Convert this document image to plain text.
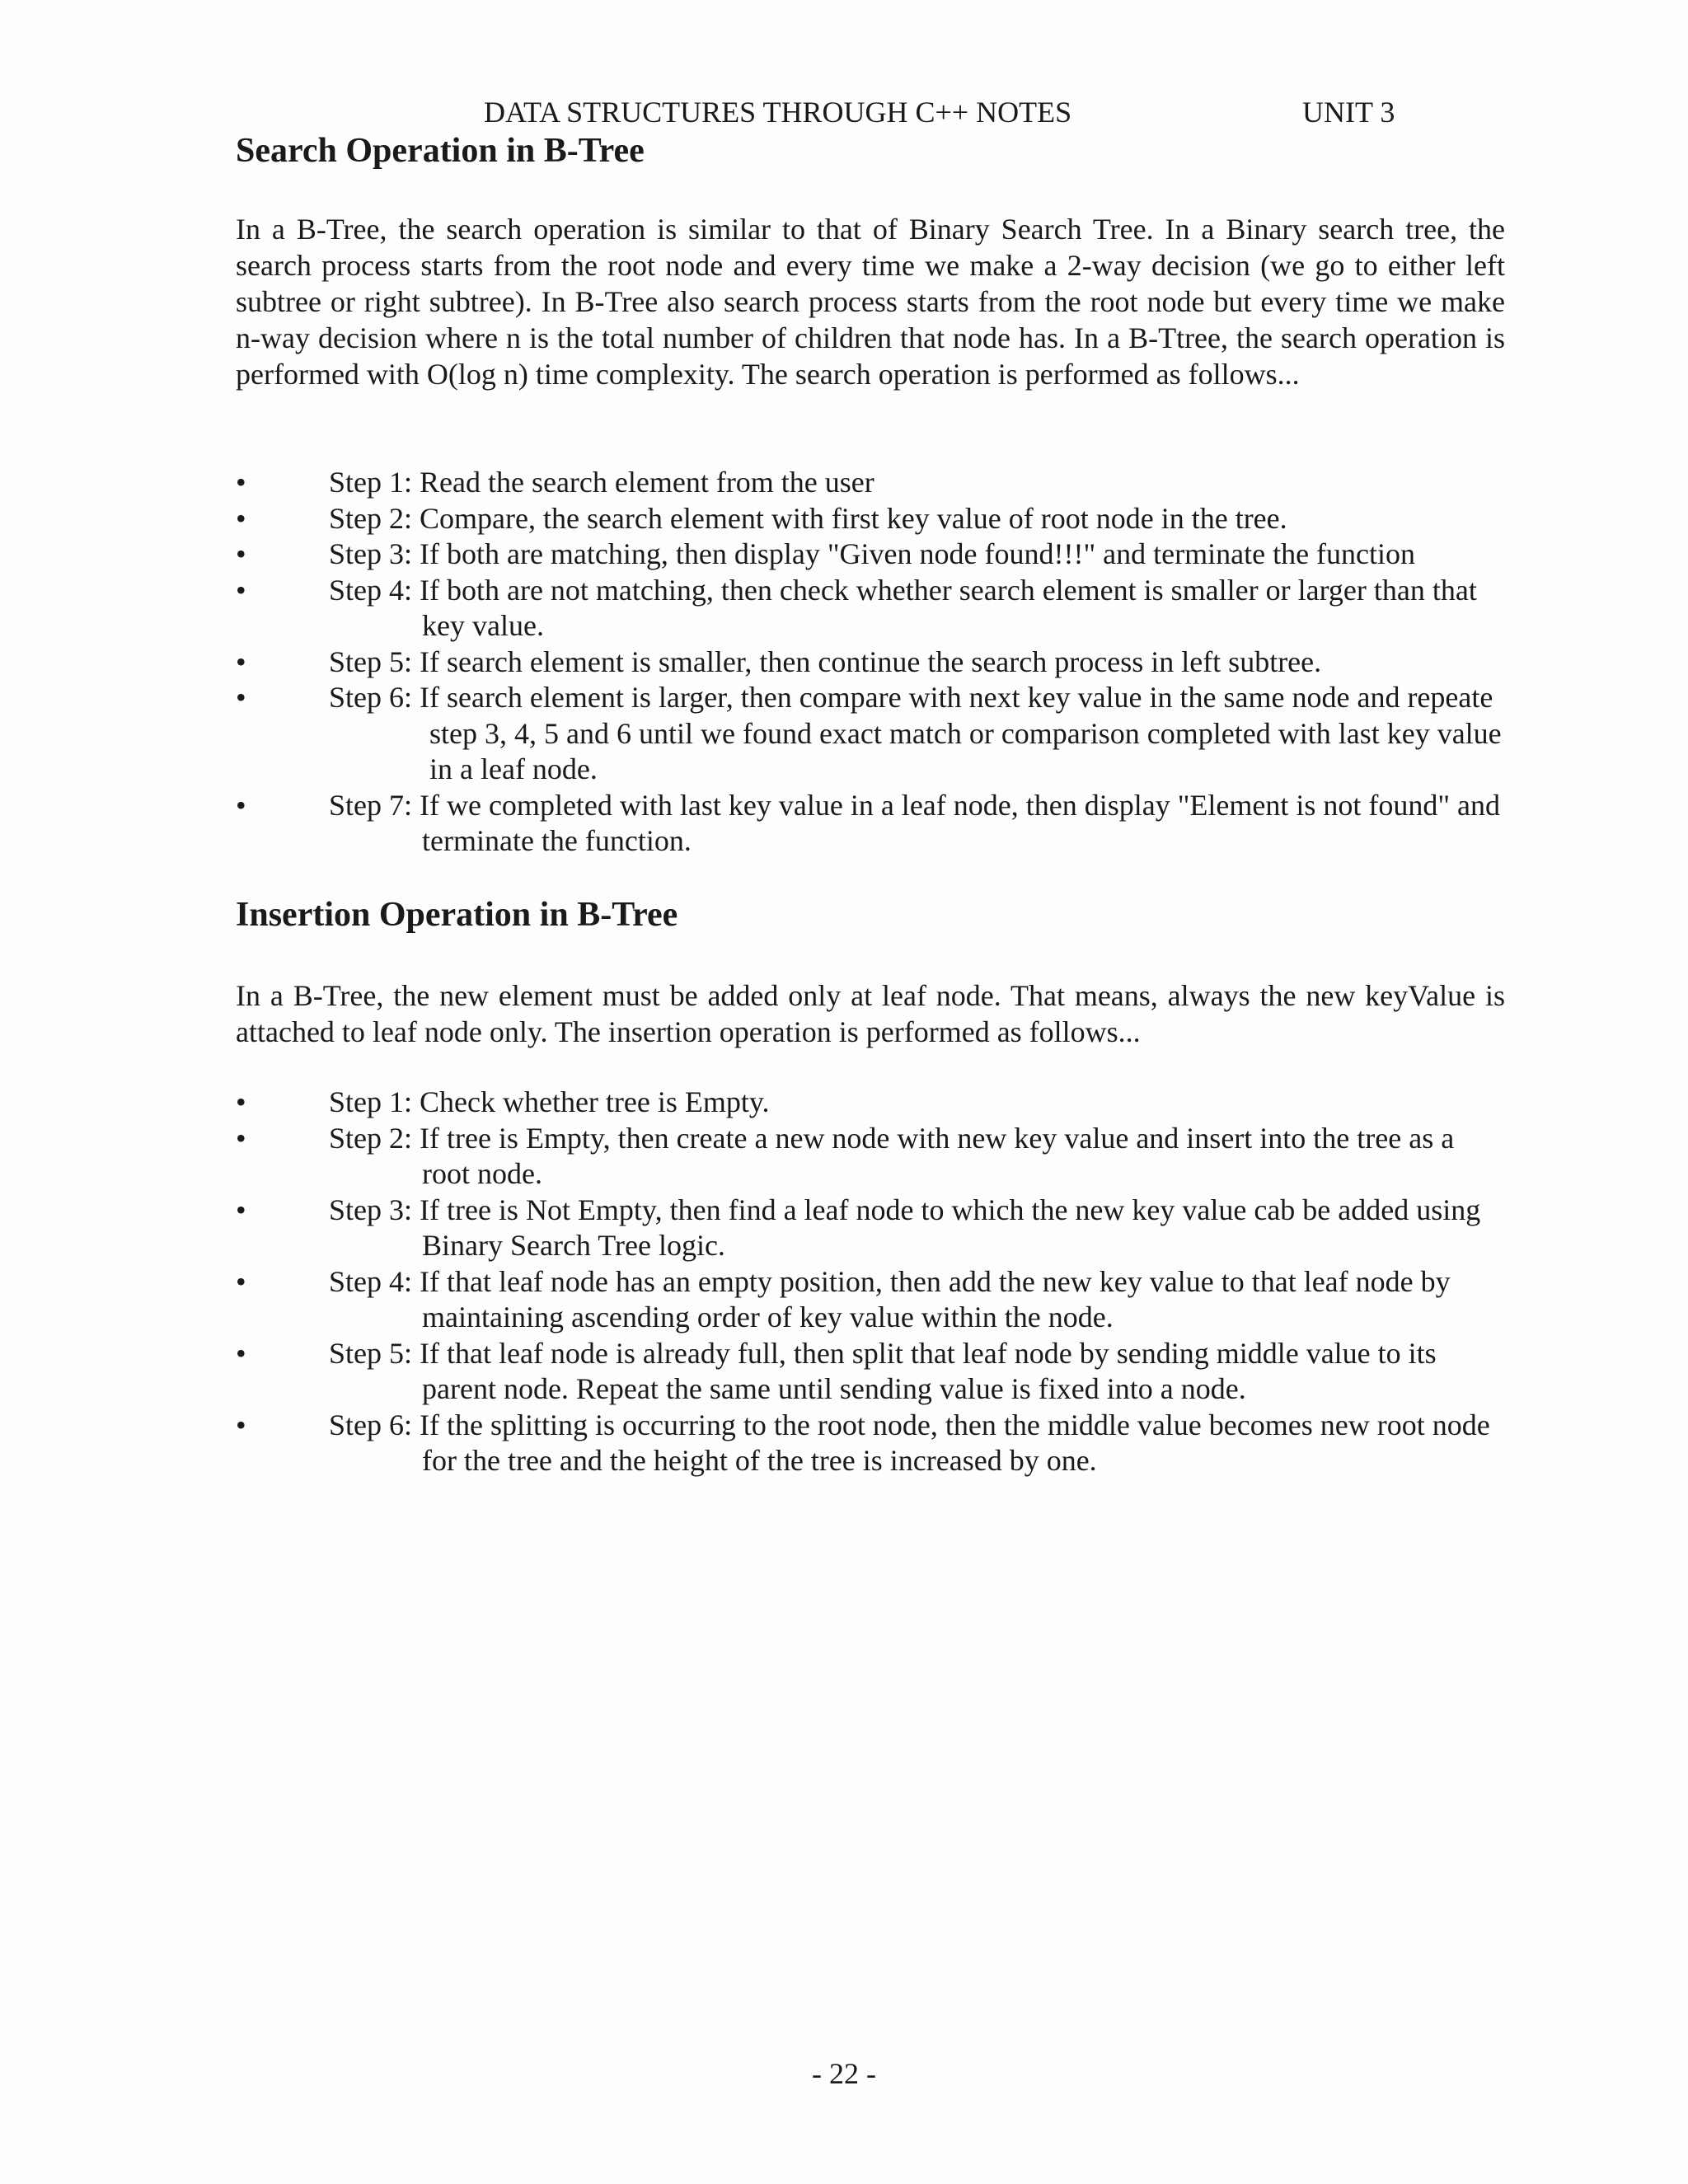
DATA STRUCTURES THROUGH C++ NOTES	UNIT 3
Search Operation in B-Tree

In a B-Tree, the search operation is similar to that of Binary Search Tree. In a Binary search tree, the search process starts from the root node and every time we make a 2-way decision (we go to either left subtree or right subtree). In B-Tree also search process starts from the root node but every time we make n-way decision where n is the total number of children that node has. In a B-Ttree, the search operation is performed with O(log n) time complexity. The search operation is performed as follows...

•	Step 1: Read the search element from the user
•	Step 2: Compare, the search element with first key value of root node in the tree.
•	Step 3: If both are matching, then display "Given node found!!!" and terminate the function
•	Step 4: If both are not matching, then check whether search element is smaller or larger than that key value.
•	Step 5: If search element is smaller, then continue the search process in left subtree.
•	Step 6: If search element is larger, then compare with next key value in the same node and repeate step 3, 4, 5 and 6 until we found exact match or comparison completed with last key value in a leaf node.
•	Step 7: If we completed with last key value in a leaf node, then display "Element is not found" and terminate the function.
Insertion Operation in B-Tree

In a B-Tree, the new element must be added only at leaf node. That means, always the new keyValue is attached to leaf node only. The insertion operation is performed as follows...

•	Step 1: Check whether tree is Empty.
•	Step 2: If tree is Empty, then create a new node with new key value and insert into the tree as a root node.
•	Step 3: If tree is Not Empty, then find a leaf node to which the new key value cab be added using Binary Search Tree logic.
•	Step 4: If that leaf node has an empty position, then add the new key value to that leaf node by maintaining ascending order of key value within the node.
•	Step 5: If that leaf node is already full, then split that leaf node by sending middle value to its parent node. Repeat the same until sending value is fixed into a node.
•	Step 6: If the splitting is occurring to the root node, then the middle value becomes new root node for the tree and the height of the tree is increased by one.
- 22 -
